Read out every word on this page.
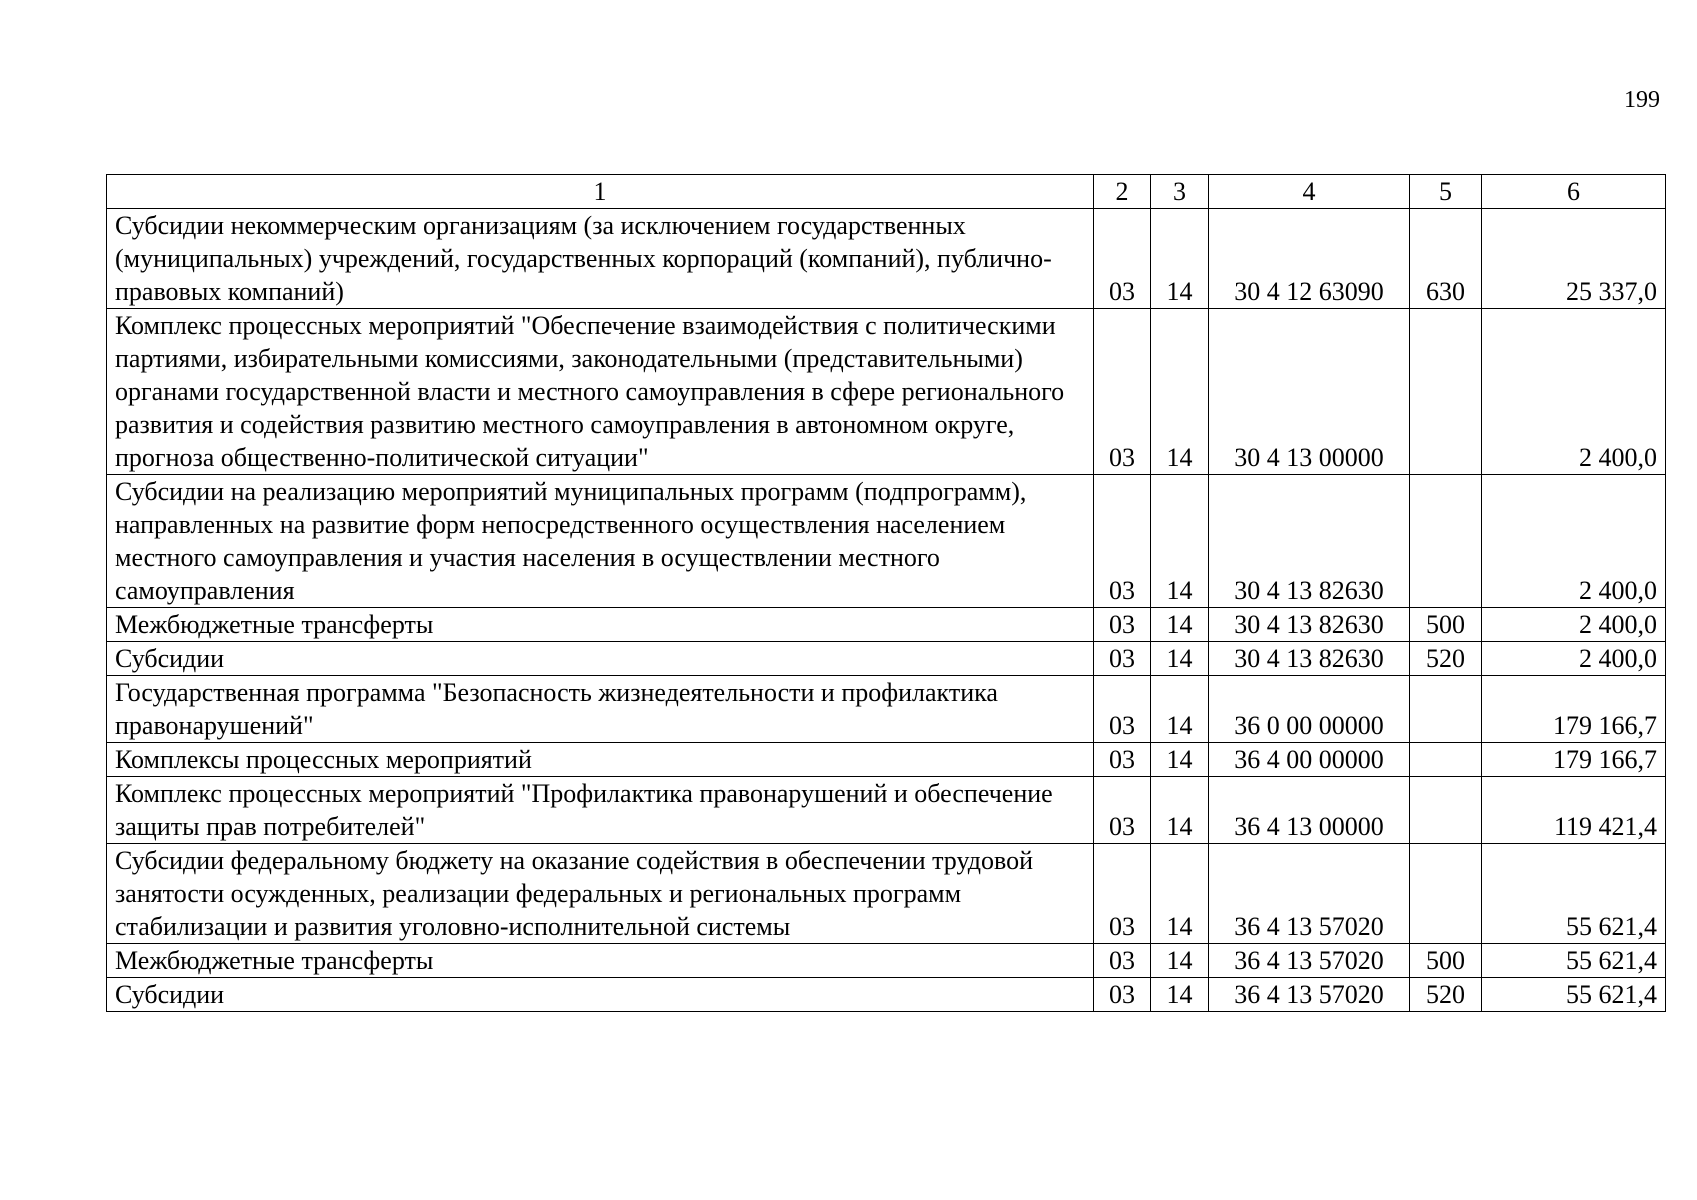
199
1	2	3	4	5	6
Субсидии некоммерческим организациям (за исключением государственных (муниципальных) учреждений, государственных корпораций (компаний), публично-правовых компаний)	03	14	30 4 12 63090	630	25 337,0
Комплекс процессных мероприятий "Обеспечение взаимодействия с политическими партиями, избирательными комиссиями, законодательными (представительными) органами государственной власти и местного самоуправления в сфере регионального развития и содействия развитию местного самоуправления в автономном округе, прогноза общественно-политической ситуации"	03	14	30 4 13 00000		2 400,0
Субсидии на реализацию мероприятий муниципальных программ (подпрограмм), направленных на развитие форм непосредственного осуществления населением местного самоуправления и участия населения в осуществлении местного самоуправления	03	14	30 4 13 82630		2 400,0
Межбюджетные трансферты	03	14	30 4 13 82630	500	2 400,0
Субсидии	03	14	30 4 13 82630	520	2 400,0
Государственная программа "Безопасность жизнедеятельности и профилактика правонарушений"	03	14	36 0 00 00000		179 166,7
Комплексы процессных мероприятий	03	14	36 4 00 00000		179 166,7
Комплекс процессных мероприятий "Профилактика правонарушений и обеспечение защиты прав потребителей"	03	14	36 4 13 00000		119 421,4
Субсидии федеральному бюджету на оказание содействия в обеспечении трудовой занятости осужденных, реализации федеральных и региональных программ стабилизации и развития уголовно-исполнительной системы	03	14	36 4 13 57020		55 621,4
Межбюджетные трансферты	03	14	36 4 13 57020	500	55 621,4
Субсидии	03	14	36 4 13 57020	520	55 621,4
